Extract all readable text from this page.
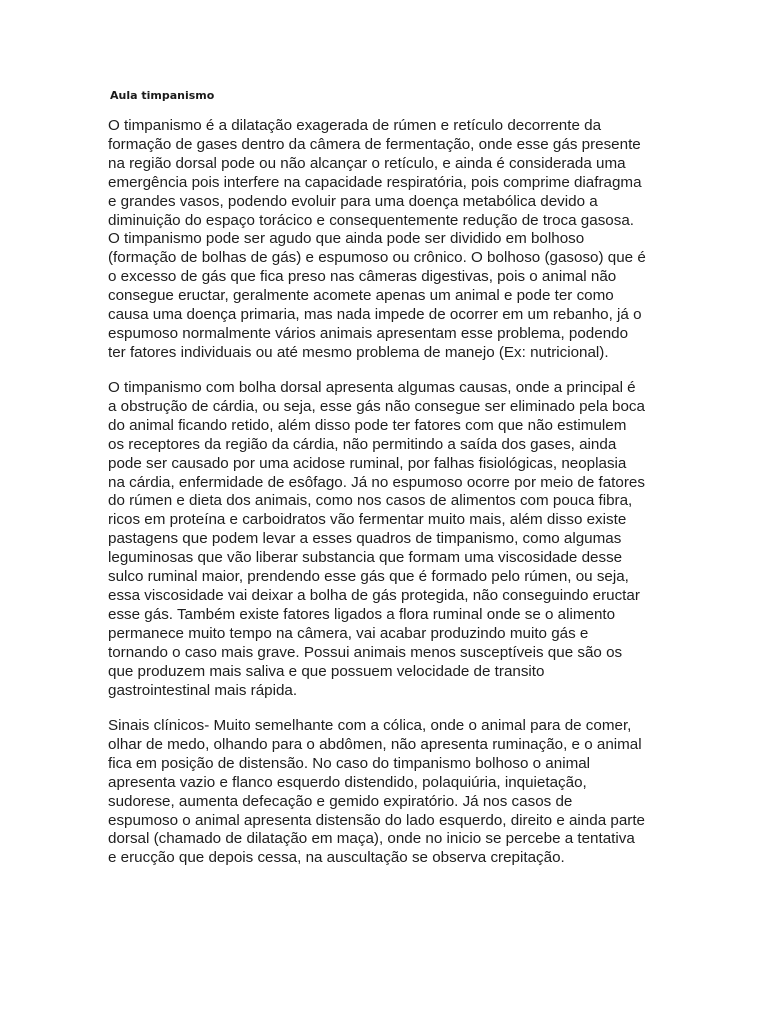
Aula timpanismo
O timpanismo é a dilatação exagerada de rúmen e retículo decorrente da
formação de gases dentro da câmera de fermentação, onde esse gás presente
na região dorsal pode ou não alcançar o retículo, e ainda é considerada uma
emergência pois interfere na capacidade respiratória, pois comprime diafragma
e grandes vasos, podendo evoluir para uma doença metabólica devido a
diminuição do espaço torácico e consequentemente redução de troca gasosa.
O timpanismo pode ser agudo que ainda pode ser dividido em bolhoso
(formação de bolhas de gás) e espumoso ou crônico. O bolhoso (gasoso) que é
o excesso de gás que fica preso nas câmeras digestivas, pois o animal não
consegue eructar, geralmente acomete apenas um animal e pode ter como
causa uma doença primaria, mas nada impede de ocorrer em um rebanho, já o
espumoso normalmente vários animais apresentam esse problema, podendo
ter fatores individuais ou até mesmo problema de manejo (Ex: nutricional).
O timpanismo com bolha dorsal apresenta algumas causas, onde a principal é
a obstrução de cárdia, ou seja, esse gás não consegue ser eliminado pela boca
do animal ficando retido, além disso pode ter fatores com que não estimulem
os receptores da região da cárdia, não permitindo a saída dos gases, ainda
pode ser causado por uma acidose ruminal, por falhas fisiológicas, neoplasia
na cárdia, enfermidade de esôfago. Já no espumoso ocorre por meio de fatores
do rúmen e dieta dos animais, como nos casos de alimentos com pouca fibra,
ricos em proteína e carboidratos vão fermentar muito mais, além disso existe
pastagens que podem levar a esses quadros de timpanismo, como algumas
leguminosas que vão liberar substancia que formam uma viscosidade desse
sulco ruminal maior, prendendo esse gás que é formado pelo rúmen, ou seja,
essa viscosidade vai deixar a bolha de gás protegida, não conseguindo eructar
esse gás. Também existe fatores ligados a flora ruminal onde se o alimento
permanece muito tempo na câmera, vai acabar produzindo muito gás e
tornando o caso mais grave. Possui animais menos susceptíveis que são os
que produzem mais saliva e que possuem velocidade de transito
gastrointestinal mais rápida.
Sinais clínicos- Muito semelhante com a cólica, onde o animal para de comer,
olhar de medo, olhando para o abdômen, não apresenta ruminação, e o animal
fica em posição de distensão. No caso do timpanismo bolhoso o animal
apresenta vazio e flanco esquerdo distendido, polaquiúria, inquietação,
sudorese, aumenta defecação e gemido expiratório. Já nos casos de
espumoso o animal apresenta distensão do lado esquerdo, direito e ainda parte
dorsal (chamado de dilatação em maça), onde no inicio se percebe a tentativa
e erucção que depois cessa, na auscultação se observa crepitação.
